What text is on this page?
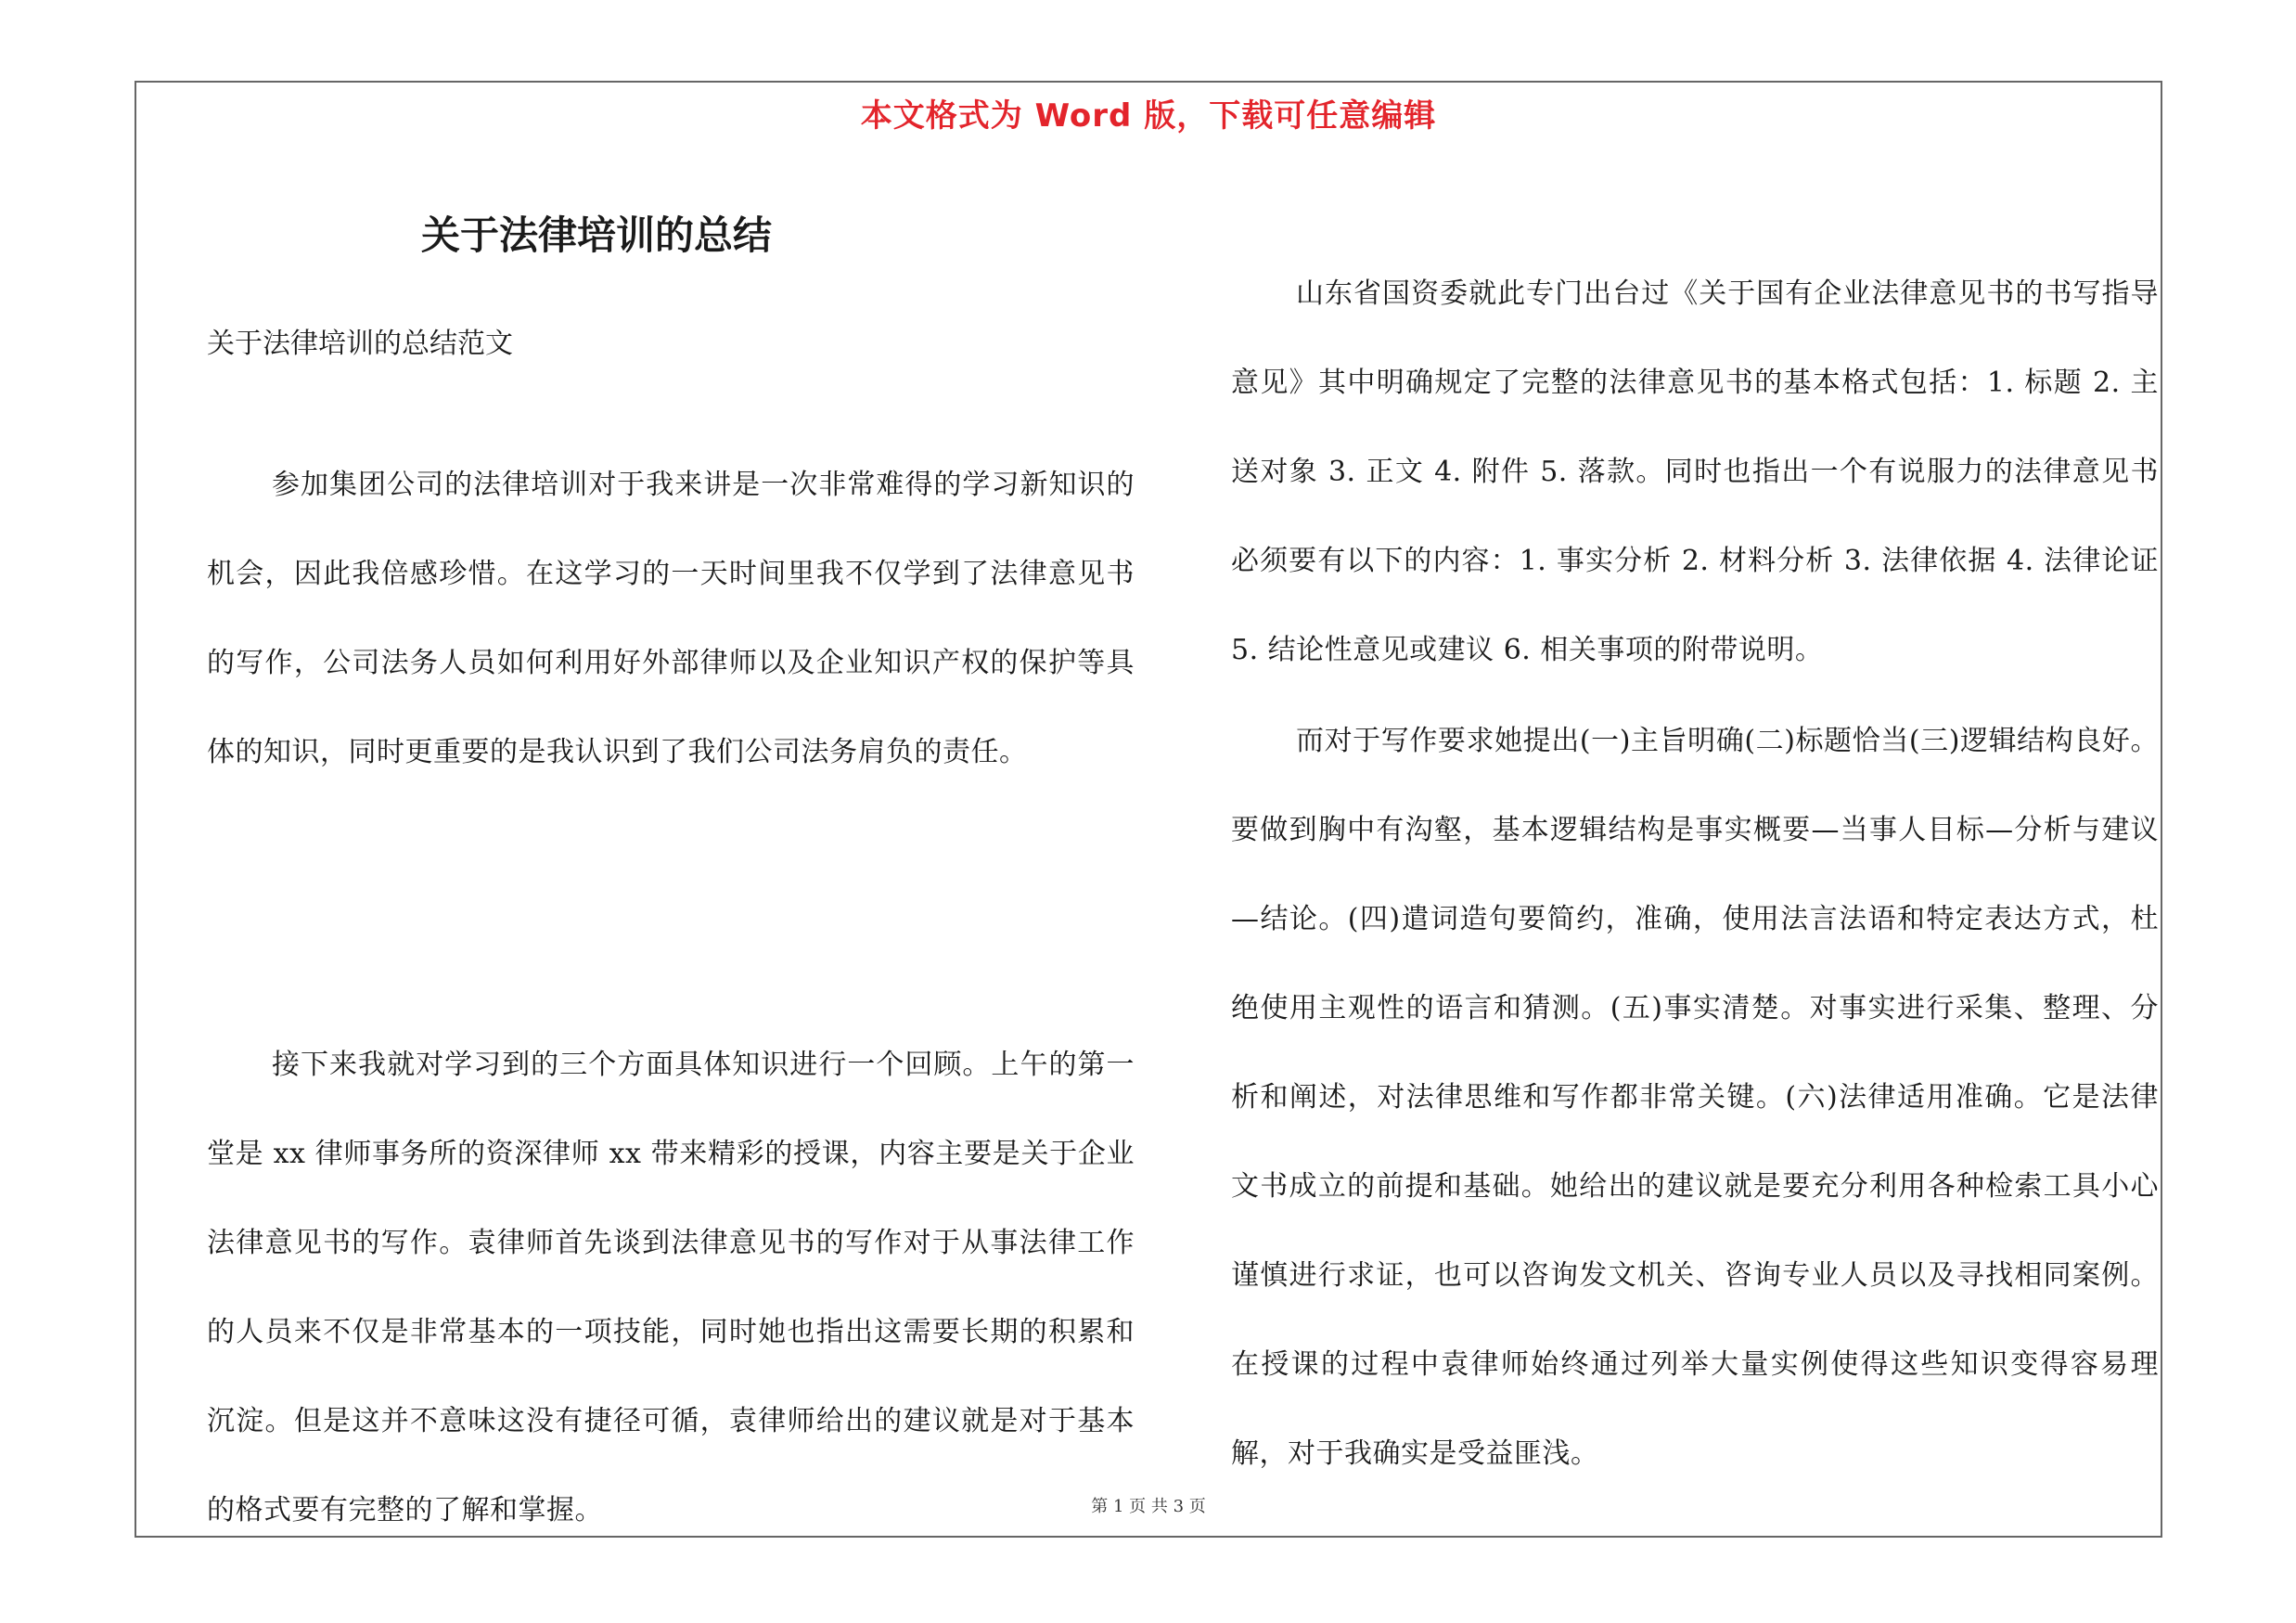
本文格式为 Word 版，下载可任意编辑
关于法律培训的总结
关于法律培训的总结范文
参加集团公司的法律培训对于我来讲是一次非常难得的学习新知识的机会，因此我倍感珍惜。在这学习的一天时间里我不仅学到了法律意见书的写作，公司法务人员如何利用好外部律师以及企业知识产权的保护等具体的知识，同时更重要的是我认识到了我们公司法务肩负的责任。
接下来我就对学习到的三个方面具体知识进行一个回顾。上午的第一堂是 xx 律师事务所的资深律师 xx 带来精彩的授课，内容主要是关于企业法律意见书的写作。袁律师首先谈到法律意见书的写作对于从事法律工作的人员来不仅是非常基本的一项技能，同时她也指出这需要长期的积累和沉淀。但是这并不意味这没有捷径可循，袁律师给出的建议就是对于基本的格式要有完整的了解和掌握。
山东省国资委就此专门出台过《关于国有企业法律意见书的书写指导意见》其中明确规定了完整的法律意见书的基本格式包括：1. 标题 2. 主送对象 3. 正文 4. 附件 5. 落款。同时也指出一个有说服力的法律意见书必须要有以下的内容：1. 事实分析 2. 材料分析 3. 法律依据 4. 法律论证 5. 结论性意见或建议 6. 相关事项的附带说明。
而对于写作要求她提出(一)主旨明确(二)标题恰当(三)逻辑结构良好。要做到胸中有沟壑，基本逻辑结构是事实概要—当事人目标—分析与建议—结论。(四)遣词造句要简约，准确，使用法言法语和特定表达方式，杜绝使用主观性的语言和猜测。(五)事实清楚。对事实进行采集、整理、分析和阐述，对法律思维和写作都非常关键。(六)法律适用准确。它是法律文书成立的前提和基础。她给出的建议就是要充分利用各种检索工具小心谨慎进行求证，也可以咨询发文机关、咨询专业人员以及寻找相同案例。在授课的过程中袁律师始终通过列举大量实例使得这些知识变得容易理解，对于我确实是受益匪浅。
第 1 页 共 3 页
